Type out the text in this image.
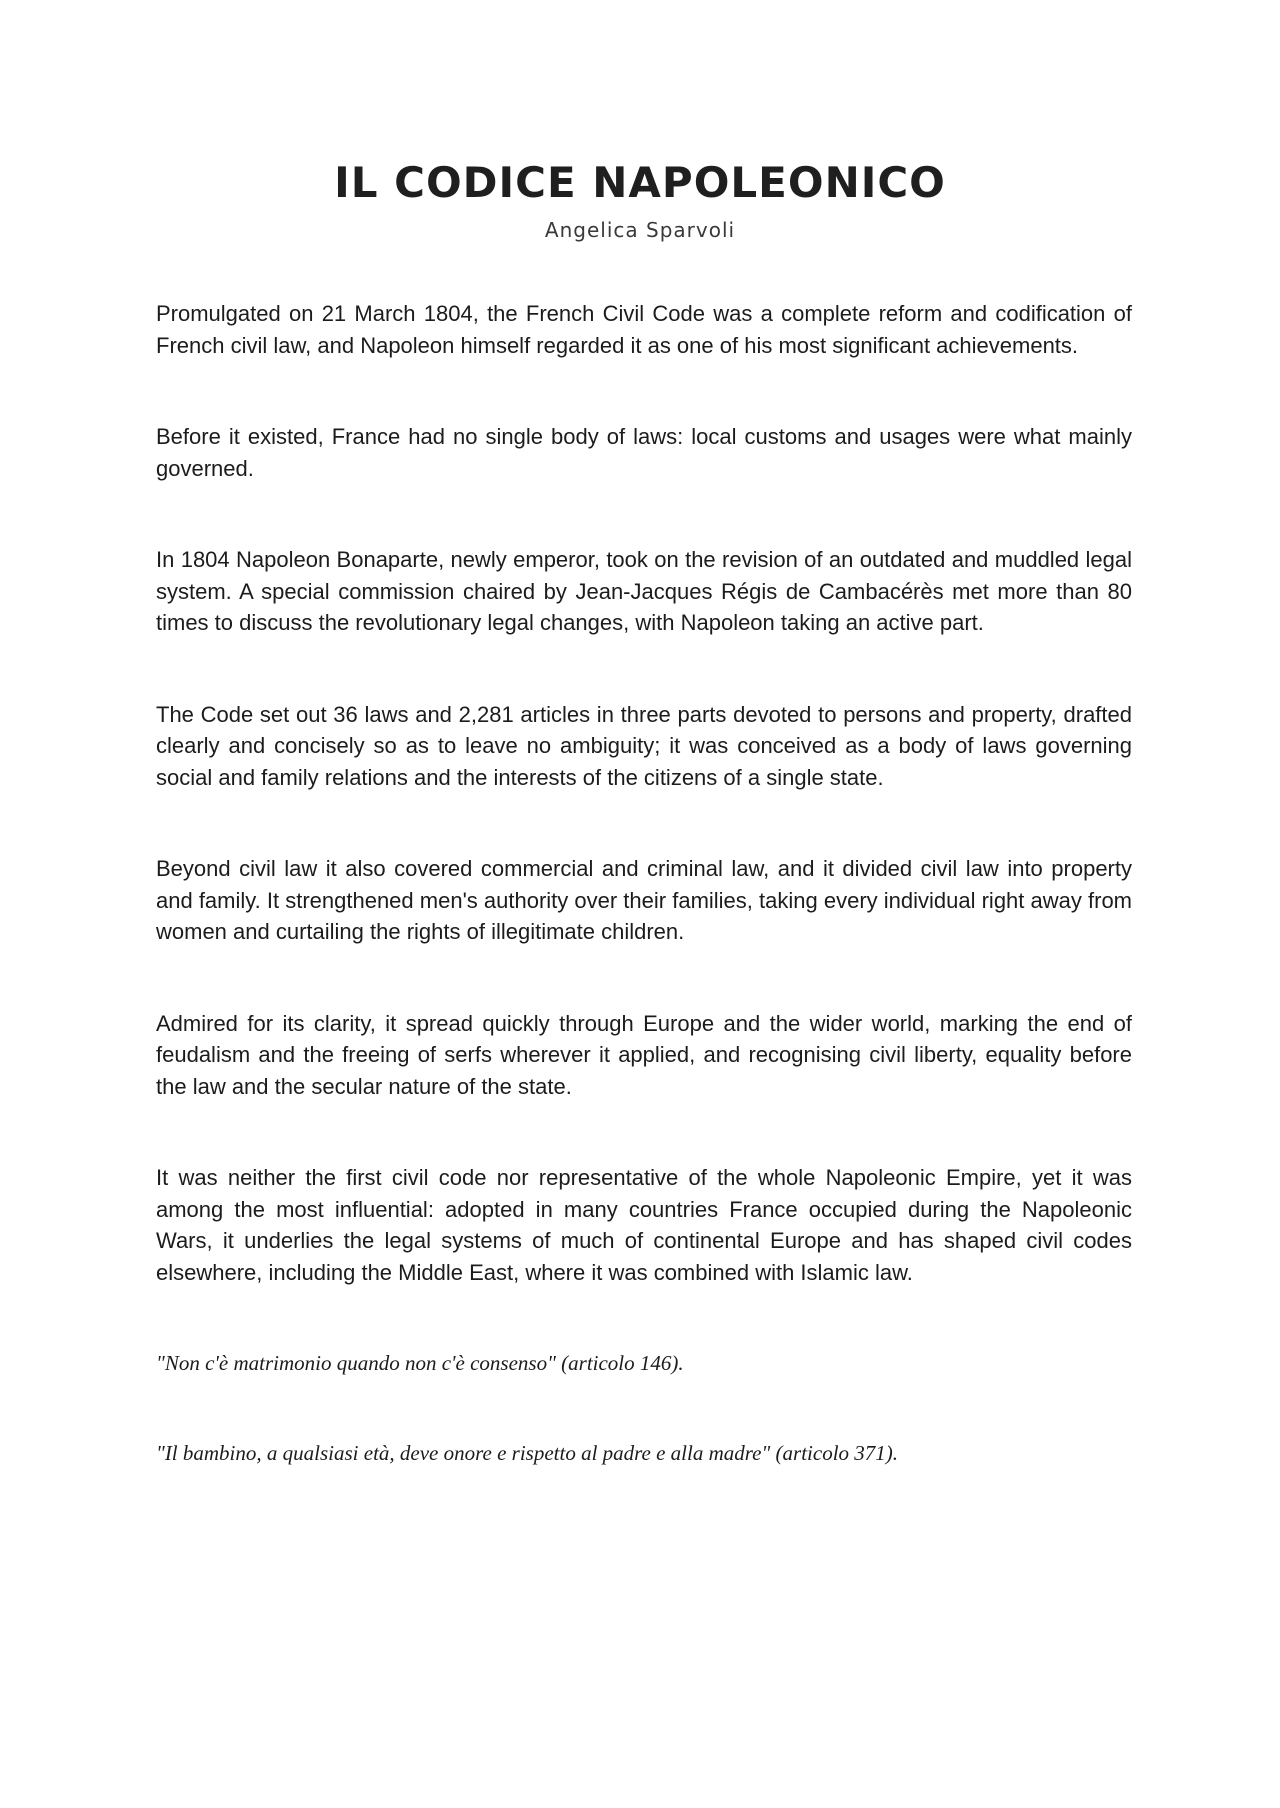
IL CODICE NAPOLEONICO

Angelica Sparvoli

Promulgated on 21 March 1804, the French Civil Code was a complete reform and codification of French civil law, and Napoleon himself regarded it as one of his most significant achievements.

Before it existed, France had no single body of laws: local customs and usages were what mainly governed.

In 1804 Napoleon Bonaparte, newly emperor, took on the revision of an outdated and muddled legal system. A special commission chaired by Jean-Jacques Régis de Cambacérès met more than 80 times to discuss the revolutionary legal changes, with Napoleon taking an active part.

The Code set out 36 laws and 2,281 articles in three parts devoted to persons and property, drafted clearly and concisely so as to leave no ambiguity; it was conceived as a body of laws governing social and family relations and the interests of the citizens of a single state.

Beyond civil law it also covered commercial and criminal law, and it divided civil law into property and family. It strengthened men's authority over their families, taking every individual right away from women and curtailing the rights of illegitimate children.

Admired for its clarity, it spread quickly through Europe and the wider world, marking the end of feudalism and the freeing of serfs wherever it applied, and recognising civil liberty, equality before the law and the secular nature of the state.

It was neither the first civil code nor representative of the whole Napoleonic Empire, yet it was among the most influential: adopted in many countries France occupied during the Napoleonic Wars, it underlies the legal systems of much of continental Europe and has shaped civil codes elsewhere, including the Middle East, where it was combined with Islamic law.

"Non c'è matrimonio quando non c'è consenso" (articolo 146).

"Il bambino, a qualsiasi età, deve onore e rispetto al padre e alla madre" (articolo 371).
